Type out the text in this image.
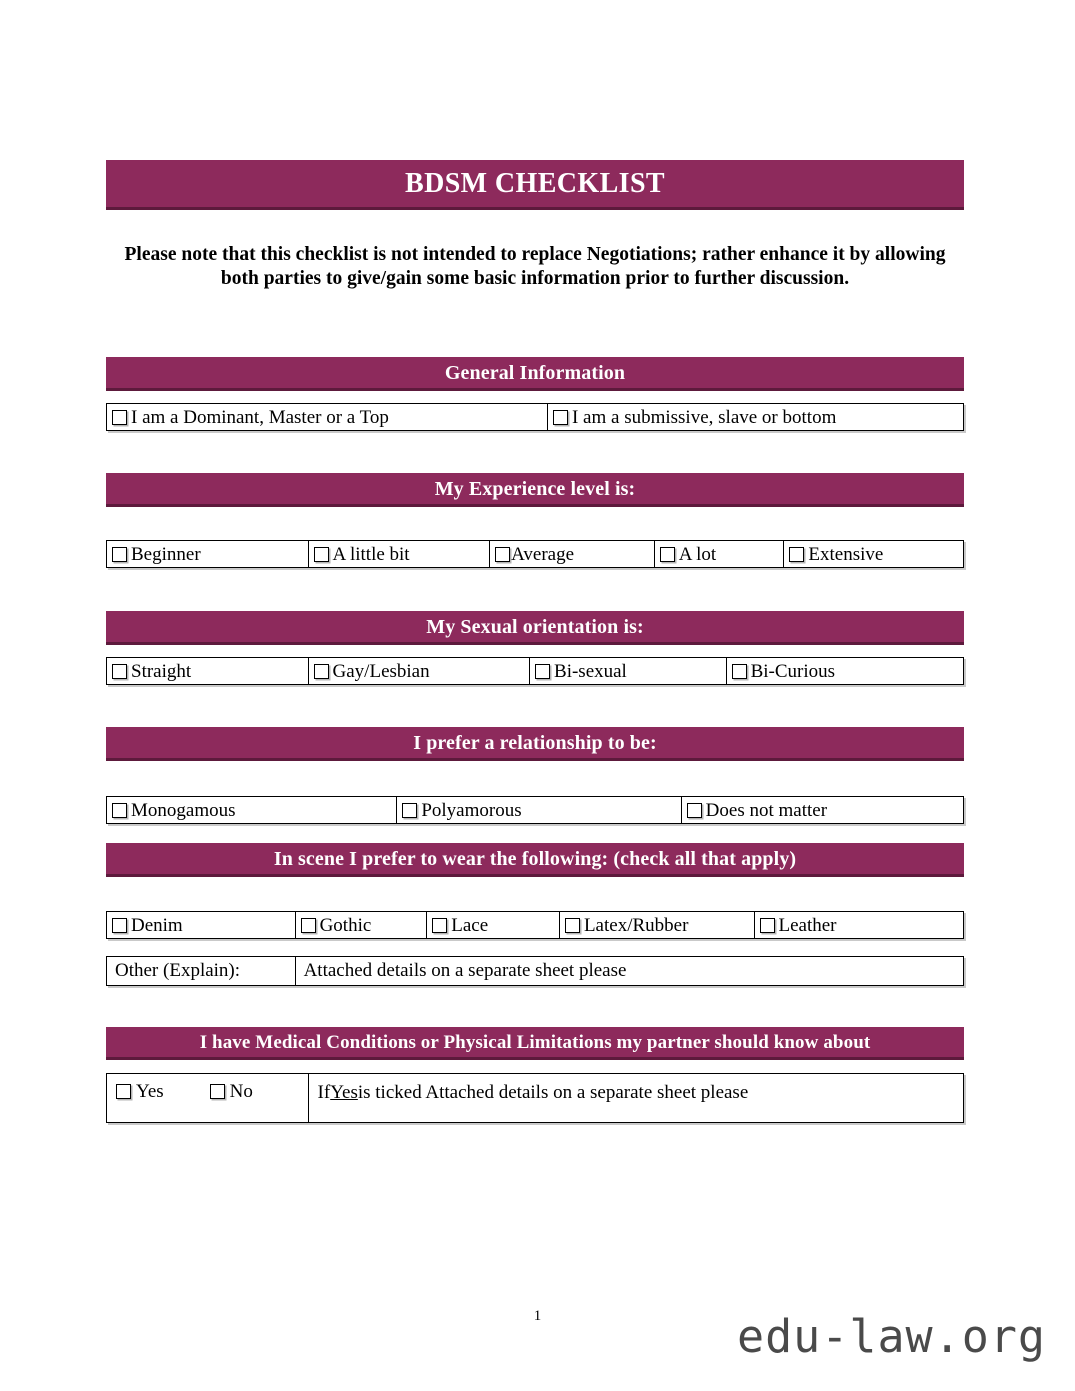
BDSM CHECKLIST
Please note that this checklist is not intended to replace Negotiations; rather enhance it by allowing both parties to give/gain some basic information prior to further discussion.
General Information
I am a Dominant, Master or a Top	I am a submissive, slave or bottom
My Experience level is:
Beginner	A little bit	Average	A lot	Extensive
My Sexual orientation is:
Straight	Gay/Lesbian	Bi-sexual	Bi-Curious
I prefer a relationship to be:
Monogamous	Polyamorous	Does not matter
In scene I prefer to wear the following: (check all that apply)
Denim	Gothic	Lace	Latex/Rubber	Leather
Other (Explain):	Attached details on a separate sheet please
I have Medical Conditions or Physical Limitations my partner should know about
Yes	No	If Yes is ticked Attached details on a separate sheet please
1	edu-law.org
